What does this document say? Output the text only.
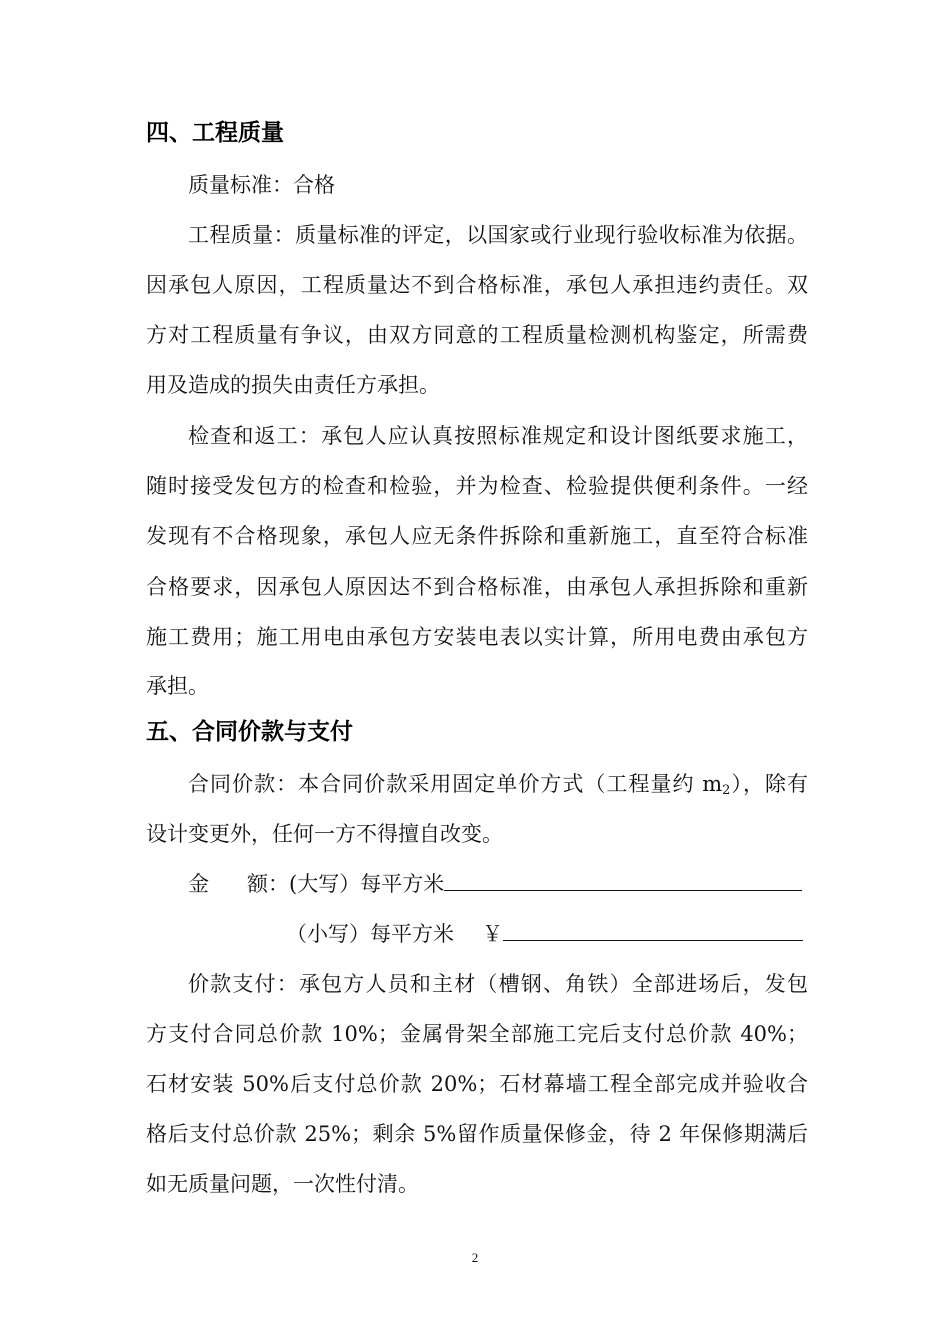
四、工程质量
质量标准：合格
工程质量：质量标准的评定，以国家或行业现行验收标准为依据。
因承包人原因，工程质量达不到合格标准，承包人承担违约责任。双
方对工程质量有争议，由双方同意的工程质量检测机构鉴定，所需费
用及造成的损失由责任方承担。
检查和返工：承包人应认真按照标准规定和设计图纸要求施工，
随时接受发包方的检查和检验，并为检查、检验提供便利条件。一经
发现有不合格现象，承包人应无条件拆除和重新施工，直至符合标准
合格要求，因承包人原因达不到合格标准，由承包人承担拆除和重新
施工费用；施工用电由承包方安装电表以实计算，所用电费由承包方
承担。
五、合同价款与支付
合同价款：本合同价款采用固定单价方式（工程量约 m2），除有
设计变更外，任何一方不得擅自改变。
金 额：(大写）每平方米
（小写）每平方米 ￥
价款支付：承包方人员和主材（槽钢、角铁）全部进场后，发包
方支付合同总价款 10%；金属骨架全部施工完后支付总价款 40%；
石材安装 50%后支付总价款 20%；石材幕墙工程全部完成并验收合
格后支付总价款 25%；剩余 5%留作质量保修金，待 2 年保修期满后
如无质量问题，一次性付清。
2
